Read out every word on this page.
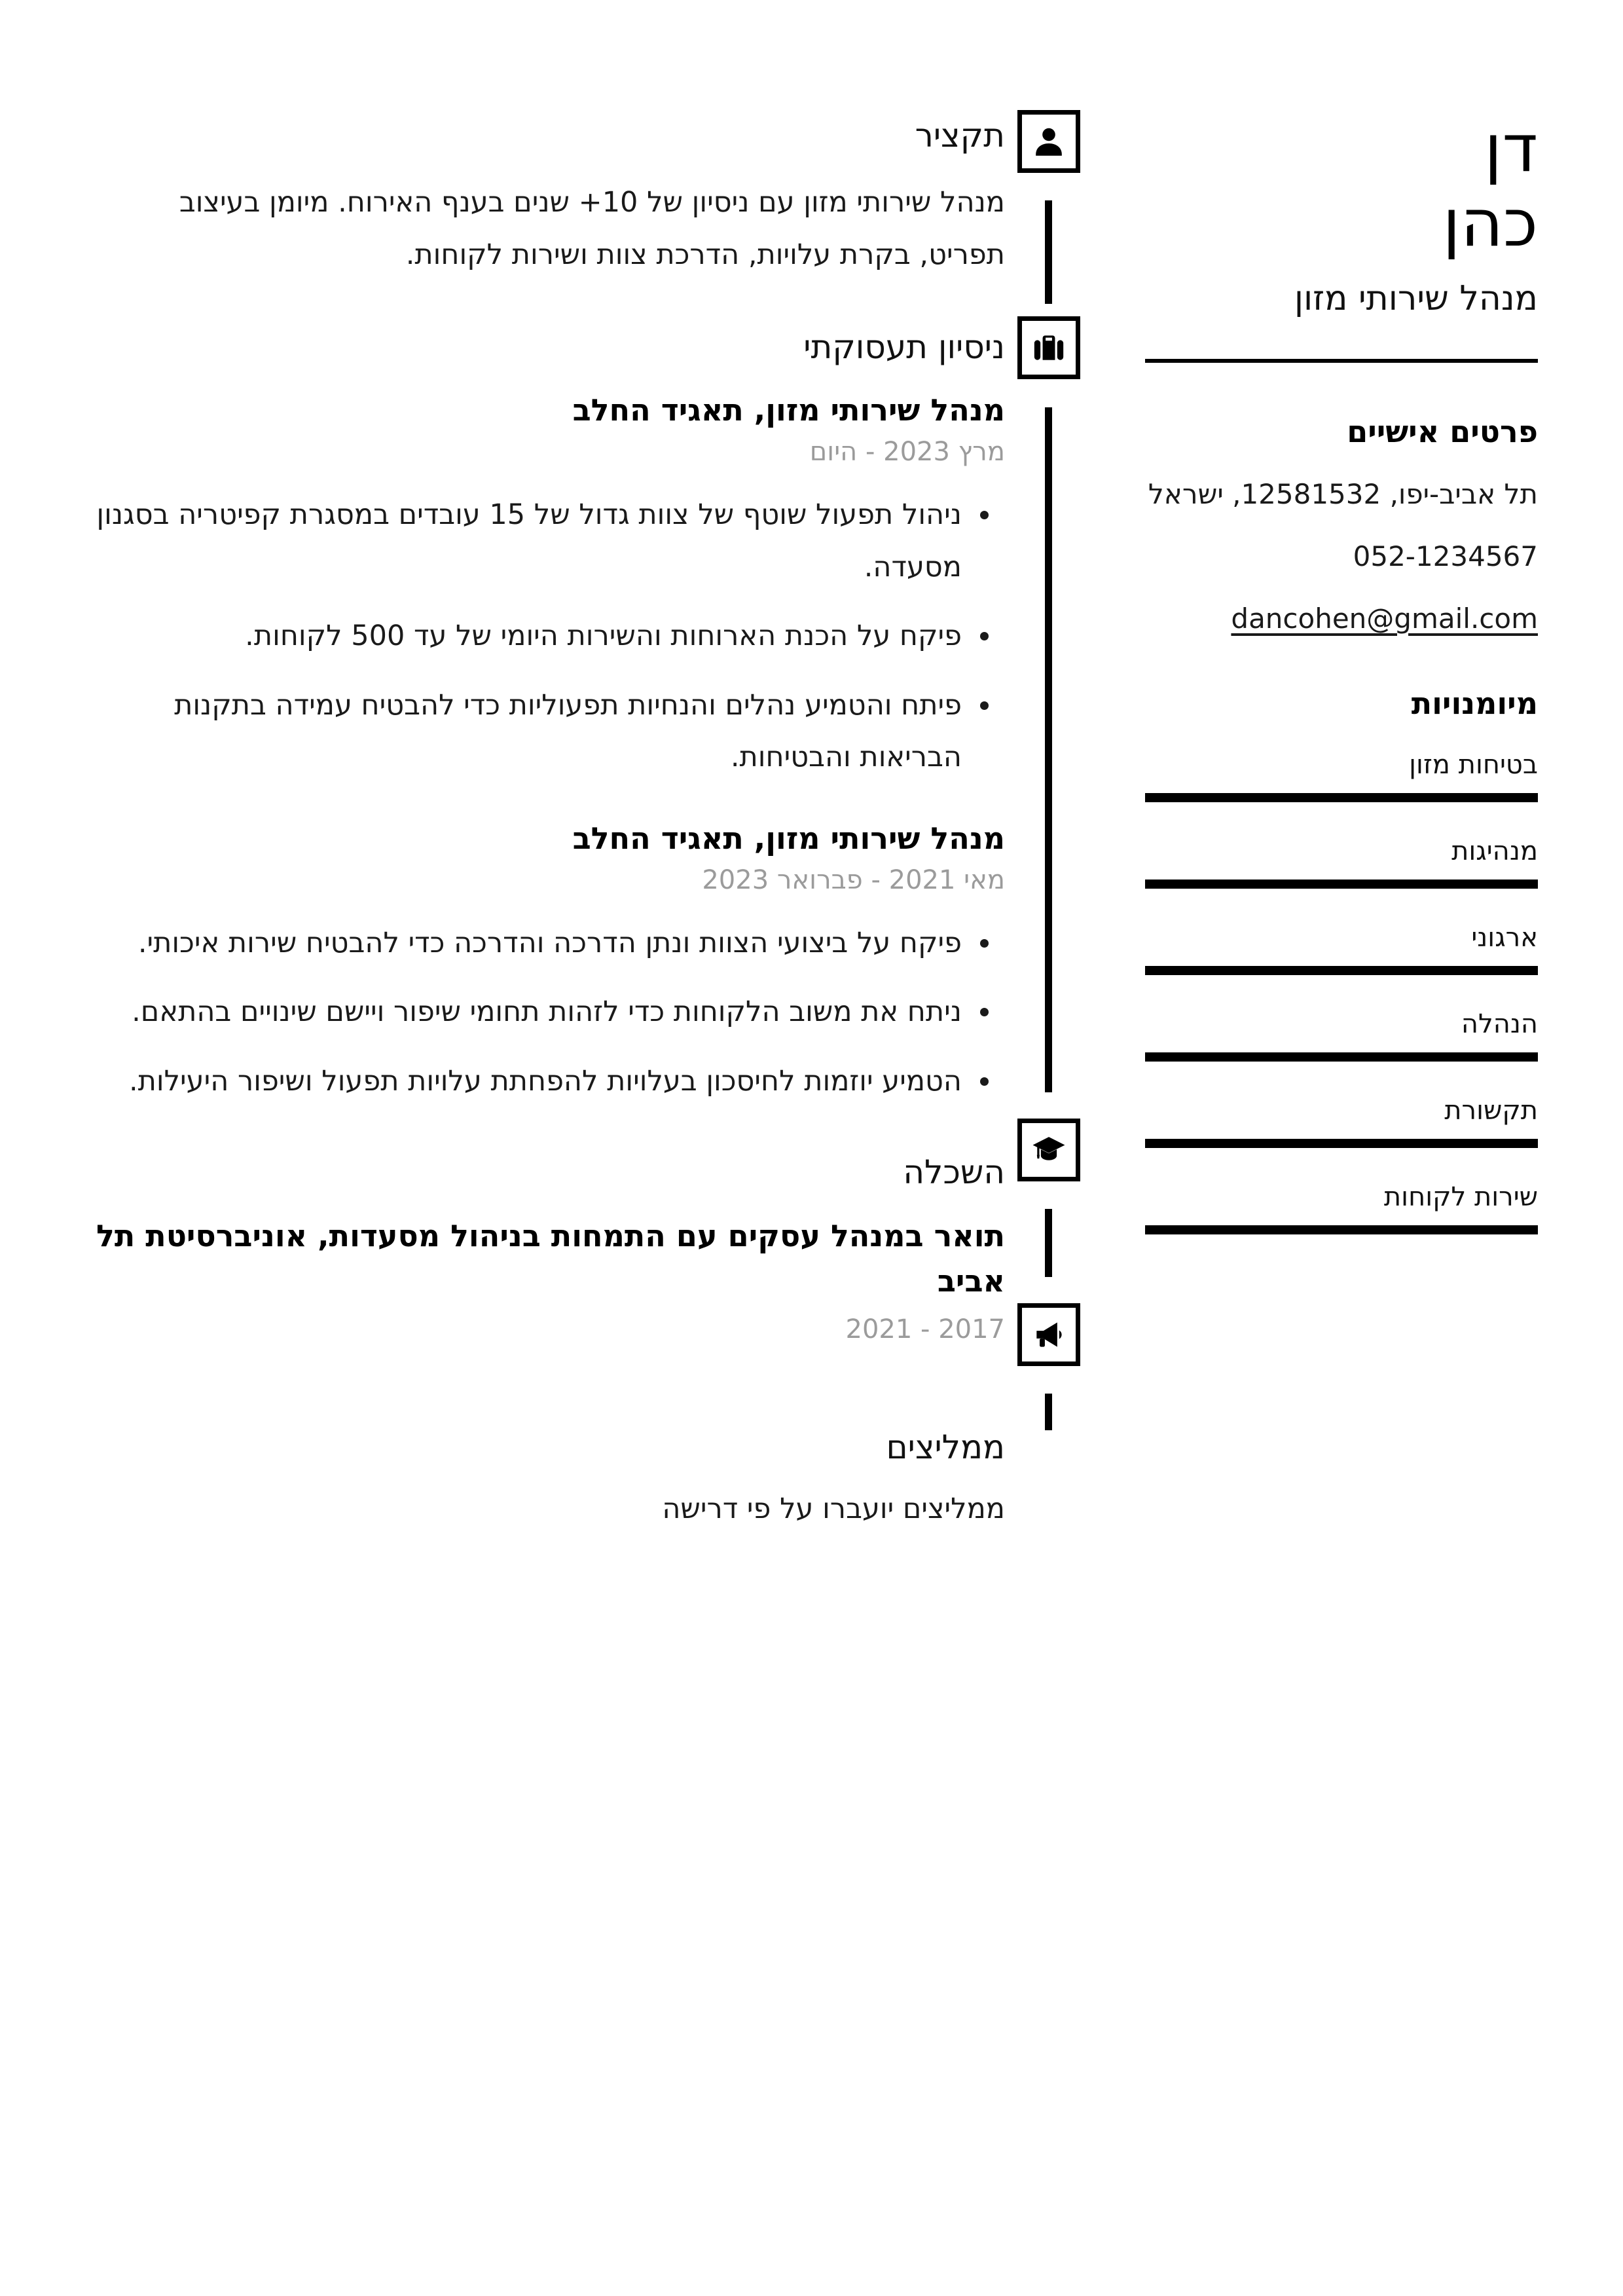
דן
כהן
מנהל שירותי מזון
פרטים אישיים
תל אביב-יפו, 12581532, ישראל
052-1234567
dancohen@gmail.com
מיומנויות
בטיחות מזון
מנהיגות
ארגוני
הנהלה
תקשורת
שירות לקוחות
תקציר

מנהל שירותי מזון עם ניסיון של 10+ שנים בענף האירוח. מיומן בעיצוב תפריט, בקרת עלויות, הדרכת צוות ושירות לקוחות.

ניסיון תעסוקתי
מנהל שירותי מזון, תאגיד החלב
מרץ 2023 - היום
• ניהול תפעול שוטף של צוות גדול של 15 עובדים במסגרת קפיטריה בסגנון מסעדה.
• פיקח על הכנת הארוחות והשירות היומי של עד 500 לקוחות.
• פיתח והטמיע נהלים והנחיות תפעוליות כדי להבטיח עמידה בתקנות הבריאות והבטיחות.
מנהל שירותי מזון, תאגיד החלב
מאי 2021 - פברואר 2023
• פיקח על ביצועי הצוות ונתן הדרכה והדרכה כדי להבטיח שירות איכותי.
• ניתח את משוב הלקוחות כדי לזהות תחומי שיפור ויישם שינויים בהתאם.
• הטמיע יוזמות לחיסכון בעלויות להפחתת עלויות תפעול ושיפור היעילות.
השכלה
תואר במנהל עסקים עם התמחות בניהול מסעדות, אוניברסיטת תל אביב
2017 - 2021
ממליצים
ממליצים יועברו על פי דרישה
